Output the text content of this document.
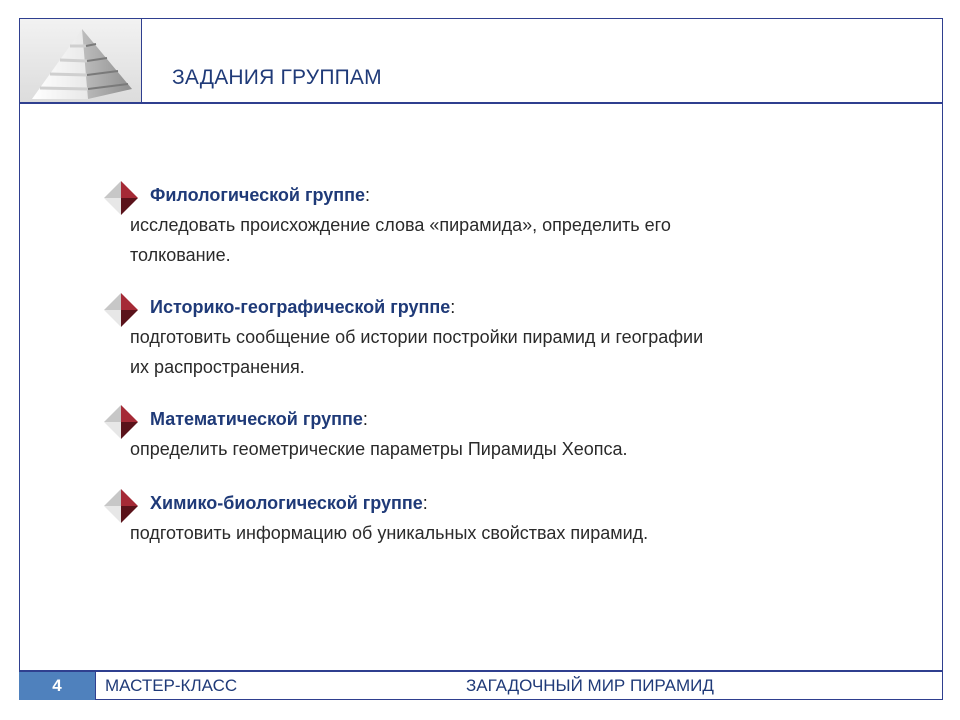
ЗАДАНИЯ ГРУППАМ
Филологической группе:
исследовать происхождение слова «пирамида», определить его
толкование.
Историко-географической группе:
подготовить сообщение об истории постройки пирамид и географии
их распространения.
Математической группе:
определить геометрические параметры Пирамиды Хеопса.
Химико-биологической группе:
подготовить информацию об уникальных свойствах пирамид.
4	МАСТЕР-КЛАСС	ЗАГАДОЧНЫЙ МИР ПИРАМИД
